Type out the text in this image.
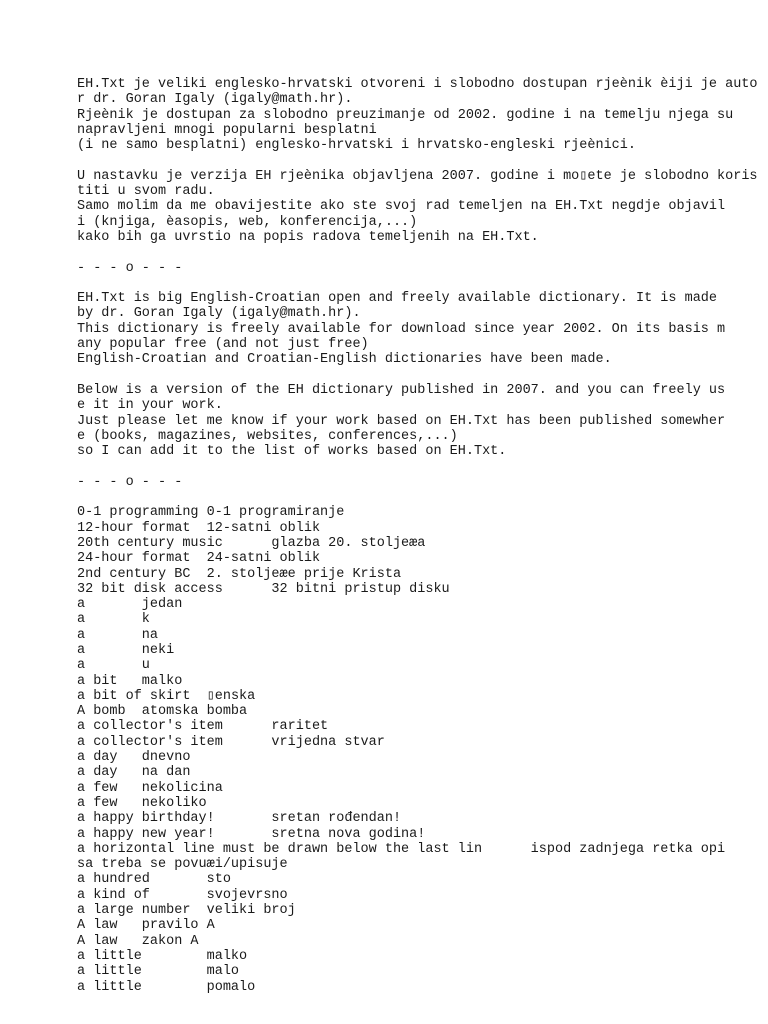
EH.Txt je veliki englesko-hrvatski otvoreni i slobodno dostupan rjeènik èiji je auto
r dr. Goran Igaly (igaly@math.hr).
Rjeènik je dostupan za slobodno preuzimanje od 2002. godine i na temelju njega su
napravljeni mnogi popularni besplatni
(i ne samo besplatni) englesko-hrvatski i hrvatsko-engleski rjeènici.
U nastavku je verzija EH rjeènika objavljena 2007. godine i mo▯ete je slobodno koris
titi u svom radu.
Samo molim da me obavijestite ako ste svoj rad temeljen na EH.Txt negdje objavil
i (knjiga, èasopis, web, konferencija,...)
kako bih ga uvrstio na popis radova temeljenih na EH.Txt.
- - - o - - -
EH.Txt is big English-Croatian open and freely available dictionary. It is made
by dr. Goran Igaly (igaly@math.hr).
This dictionary is freely available for download since year 2002. On its basis m
any popular free (and not just free)
English-Croatian and Croatian-English dictionaries have been made.
Below is a version of the EH dictionary published in 2007. and you can freely us
e it in your work.
Just please let me know if your work based on EH.Txt has been published somewher
e (books, magazines, websites, conferences,...)
so I can add it to the list of works based on EH.Txt.
- - - o - - -
0-1 programming 0-1 programiranje
12-hour format  12-satni oblik
20th century music      glazba 20. stoljeæa
24-hour format  24-satni oblik
2nd century BC  2. stoljeæe prije Krista
32 bit disk access      32 bitni pristup disku
a       jedan
a       k
a       na
a       neki
a       u
a bit   malko
a bit of skirt  ▯enska
A bomb  atomska bomba
a collector's item      raritet
a collector's item      vrijedna stvar
a day   dnevno
a day   na dan
a few   nekolicina
a few   nekoliko
a happy birthday!       sretan rođendan!
a happy new year!       sretna nova godina!
a horizontal line must be drawn below the last lin      ispod zadnjega retka opi
sa treba se povuæi/upisuje
a hundred       sto
a kind of       svojevrsno
a large number  veliki broj
A law   pravilo A
A law   zakon A
a little        malko
a little        malo
a little        pomalo
